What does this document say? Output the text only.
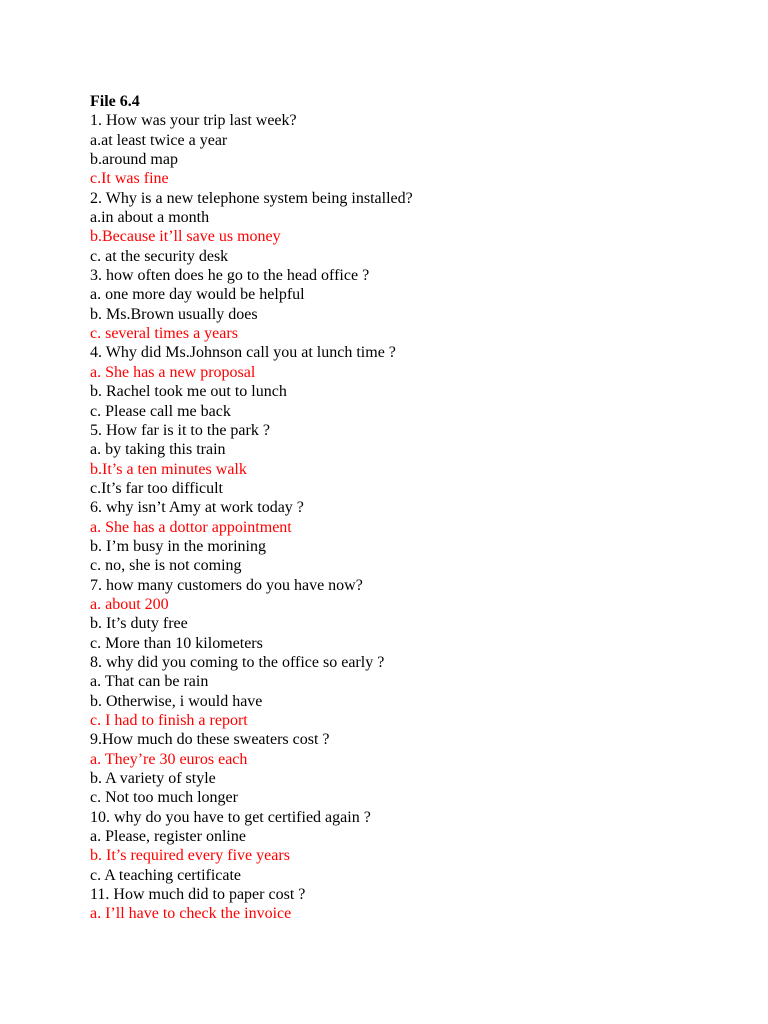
File 6.4
1. How was your trip last week?
a.at least twice a year
b.around map
c.It was fine
2. Why is a new telephone system being installed?
a.in about a month
b.Because it’ll save us money
c. at the security desk
3. how often does he go to the head office ?
a. one more day would be helpful
b. Ms.Brown usually does
c. several times a years
4. Why did Ms.Johnson call you at lunch time ?
a. She has a new proposal
b. Rachel took me out to lunch
c. Please call me back
5. How far is it to the park ?
a. by taking this train
b.It’s a ten minutes walk
c.It’s far too difficult
6. why isn’t Amy at work today ?
a. She has a dottor appointment
b. I’m busy in the morining
c. no, she is not coming
7. how many customers do you have now?
a. about 200
b. It’s duty free
c. More than 10 kilometers
8. why did you coming to the office so early ?
a. That can be rain
b. Otherwise, i would have
c. I had to finish a report
9.How much do these sweaters cost ?
a. They’re 30 euros each
b. A variety of style
c. Not too much longer
10. why do you have to get certified again ?
a. Please, register online
b. It’s required every five years
c. A teaching certificate
11. How much did to paper cost ?
a. I’ll have to check the invoice
